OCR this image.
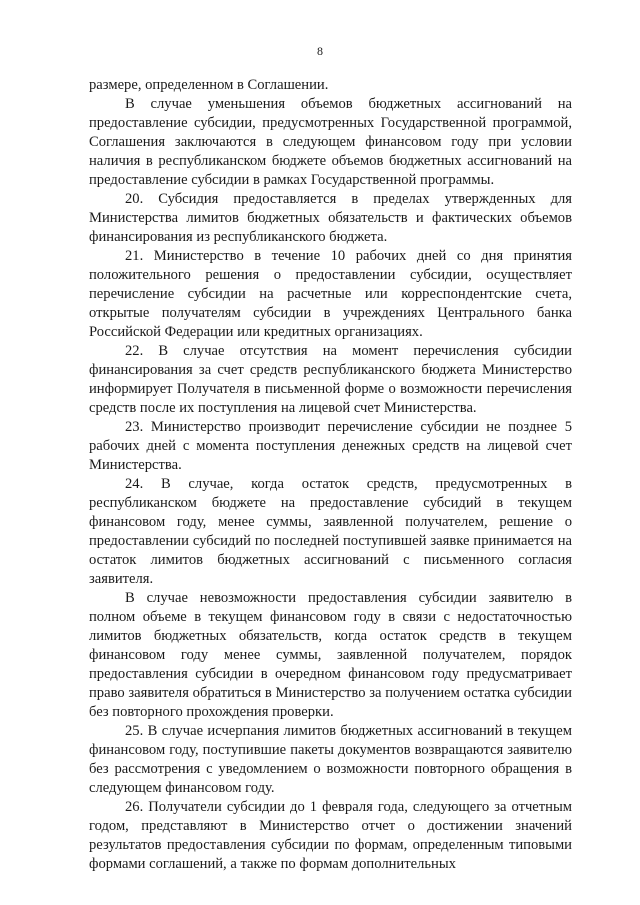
8

размере, определенном в Соглашении.

В случае уменьшения объемов бюджетных ассигнований на предоставление субсидии, предусмотренных Государственной программой, Соглашения заключаются в следующем финансовом году при условии наличия в республиканском бюджете объемов бюджетных ассигнований на предоставление субсидии в рамках Государственной программы.

20. Субсидия предоставляется в пределах утвержденных для Министерства лимитов бюджетных обязательств и фактических объемов финансирования из республиканского бюджета.

21. Министерство в течение 10 рабочих дней со дня принятия положительного решения о предоставлении субсидии, осуществляет перечисление субсидии на расчетные или корреспондентские счета, открытые получателям субсидии в учреждениях Центрального банка Российской Федерации или кредитных организациях.

22. В случае отсутствия на момент перечисления субсидии финансирования за счет средств республиканского бюджета Министерство информирует Получателя в письменной форме о возможности перечисления средств после их поступления на лицевой счет Министерства.

23. Министерство производит перечисление субсидии не позднее 5 рабочих дней с момента поступления денежных средств на лицевой счет Министерства.

24. В случае, когда остаток средств, предусмотренных в республиканском бюджете на предоставление субсидий в текущем финансовом году, менее суммы, заявленной получателем, решение о предоставлении субсидий по последней поступившей заявке принимается на остаток лимитов бюджетных ассигнований с письменного согласия заявителя.

В случае невозможности предоставления субсидии заявителю в полном объеме в текущем финансовом году в связи с недостаточностью лимитов бюджетных обязательств, когда остаток средств в текущем финансовом году менее суммы, заявленной получателем, порядок предоставления субсидии в очередном финансовом году предусматривает право заявителя обратиться в Министерство за получением остатка субсидии без повторного прохождения проверки.

25. В случае исчерпания лимитов бюджетных ассигнований в текущем финансовом году, поступившие пакеты документов возвращаются заявителю без рассмотрения с уведомлением о возможности повторного обращения в следующем финансовом году.

26. Получатели субсидии до 1 февраля года, следующего за отчетным годом, представляют в Министерство отчет о достижении значений результатов предоставления субсидии по формам, определенным типовыми формами соглашений, а также по формам дополнительных
